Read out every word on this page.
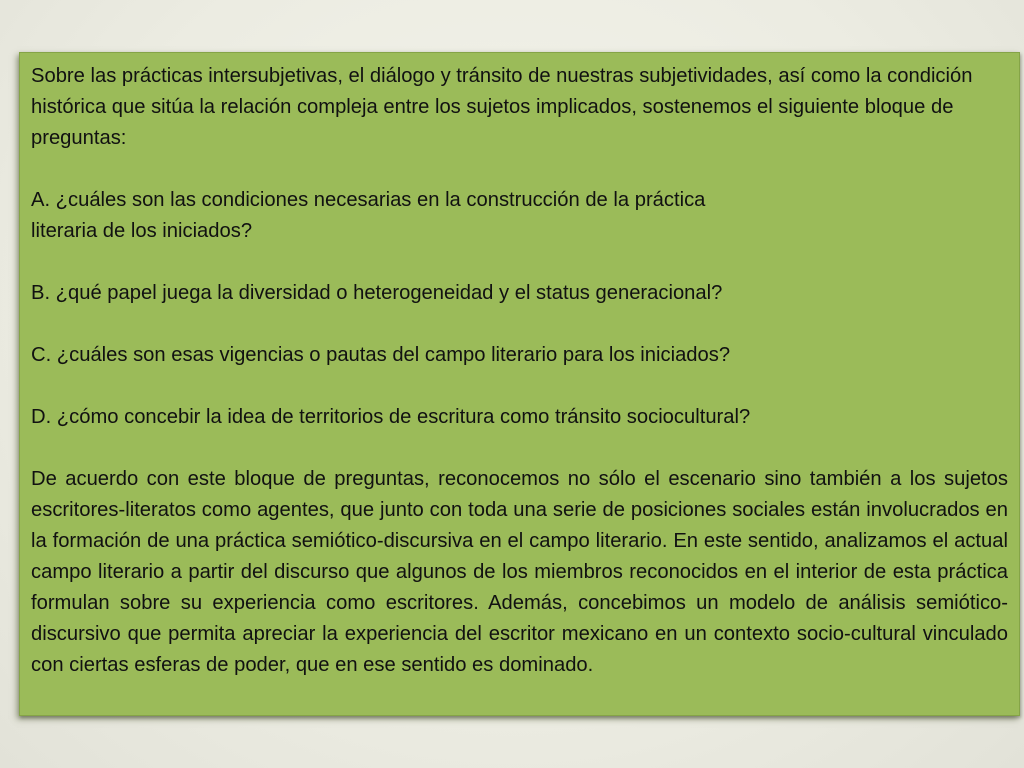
Sobre las prácticas intersubjetivas, el diálogo y tránsito de nuestras subjetividades, así como la condición histórica que sitúa la relación compleja entre los sujetos implicados, sostenemos el siguiente bloque de preguntas:

A. ¿cuáles son las condiciones necesarias en la construcción de la práctica

literaria de los iniciados?

B. ¿qué papel juega la diversidad o heterogeneidad y el status generacional?

C. ¿cuáles son esas vigencias o pautas del campo literario para los iniciados?

D. ¿cómo concebir la idea de territorios de escritura como tránsito sociocultural?

De acuerdo con este bloque de preguntas, reconocemos no sólo el escenario sino también a los sujetos escritores-literatos como agentes, que junto con toda una serie de posiciones sociales están involucrados en la formación de una práctica semiótico-discursiva en el campo literario. En este sentido, analizamos el actual campo literario a partir del discurso que algunos de los miembros reconocidos en el interior de esta práctica formulan sobre su experiencia como escritores. Además, concebimos un modelo de análisis semiótico-discursivo que permita apreciar la experiencia del escritor mexicano en un contexto socio-cultural vinculado con ciertas esferas de poder, que en ese sentido es dominado.
